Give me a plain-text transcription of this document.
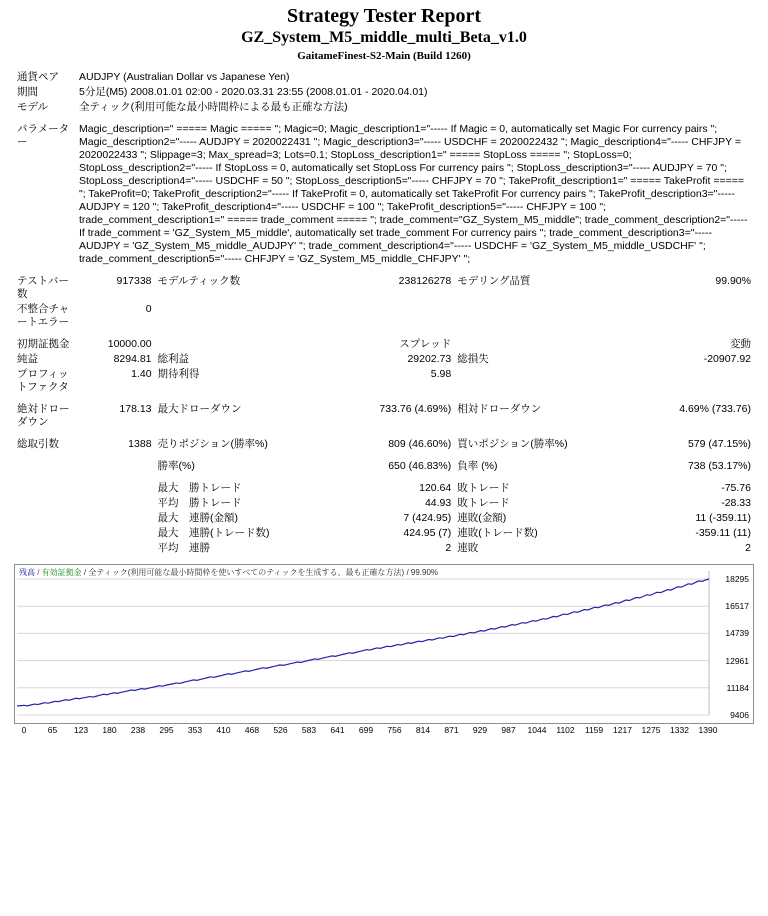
Strategy Tester Report
GZ_System_M5_middle_multi_Beta_v1.0
GaitameFinest-S2-Main (Build 1260)
通貨ペア	AUDJPY (Australian Dollar vs Japanese Yen)				
期間	5分足(M5) 2008.01.01 02:00 - 2020.03.31 23:55 (2008.01.01 - 2020.04.01)				
モデル	全ティック(利用可能な最小時間枠による最も正確な方法)				

パラメーター	Magic_description=" ===== Magic ===== "; Magic=0; Magic_description1="----- If Magic = 0, automatically set Magic For currency pairs "; Magic_description2="----- AUDJPY = 2020022431 "; Magic_description3="----- USDCHF = 2020022432 "; Magic_description4="----- CHFJPY = 2020022433 "; Slippage=3; Max_spread=3; Lots=0.1; StopLoss_description1=" ===== StopLoss ===== "; StopLoss=0; StopLoss_description2="----- If StopLoss = 0, automatically set StopLoss For currency pairs "; StopLoss_description3="----- AUDJPY = 70 "; StopLoss_description4="----- USDCHF = 50 "; StopLoss_description5="----- CHFJPY = 70 "; TakeProfit_description1=" ===== TakeProfit ===== "; TakeProfit=0; TakeProfit_description2="----- If TakeProfit = 0, automatically set TakeProfit For currency pairs "; TakeProfit_description3="----- AUDJPY = 120 "; TakeProfit_description4="----- USDCHF = 100 "; TakeProfit_description5="----- CHFJPY = 100 "; trade_comment_description1=" ===== trade_comment ===== "; trade_comment="GZ_System_M5_middle"; trade_comment_description2="----- If trade_comment = 'GZ_System_M5_middle', automatically set trade_comment For currency pairs "; trade_comment_description3="----- AUDJPY = 'GZ_System_M5_middle_AUDJPY' "; trade_comment_description4="----- USDCHF = 'GZ_System_M5_middle_USDCHF' "; trade_comment_description5="----- CHFJPY = 'GZ_System_M5_middle_CHFJPY' ";				

テストバー数	917338	モデルティック数	238126278	モデリング品質	99.90%
不整合チャートエラー	0				

初期証拠金	10000.00		スプレッド		変動
純益	8294.81	総利益	29202.73	総損失	-20907.92
プロフィットファクタ	1.40	期待利得	5.98		

絶対ドローダウン	178.13	最大ドローダウン	733.76 (4.69%)	相対ドローダウン	4.69% (733.76)

総取引数	1388	売りポジション(勝率%)	809 (46.60%)	買いポジション(勝率%)	579 (47.15%)

		勝率(%)	650 (46.83%)	負率 (%)	738 (53.17%)

		最大　勝トレード	120.64	敗トレード	-75.76
		平均　勝トレード	44.93	敗トレード	-28.33
		最大　連勝(金額)	7 (424.95)	連敗(金額)	11 (-359.11)
		最大　連勝(トレード数)	424.95 (7)	連敗(トレード数)	-359.11 (11)
		平均　連勝	2	連敗	2
残高 / 有効証拠金 / 全ティック(利用可能な最小時間枠を使いすべてのティックを生成する、最も正確な方法) / 99.90%
18295
16517
14739
12961
11184
9406
0	65 123 180 238 295 353 410 468 526 583 641 699 756 814 871 929 987 1044 1102 1159 1217 1275 1332 1390
